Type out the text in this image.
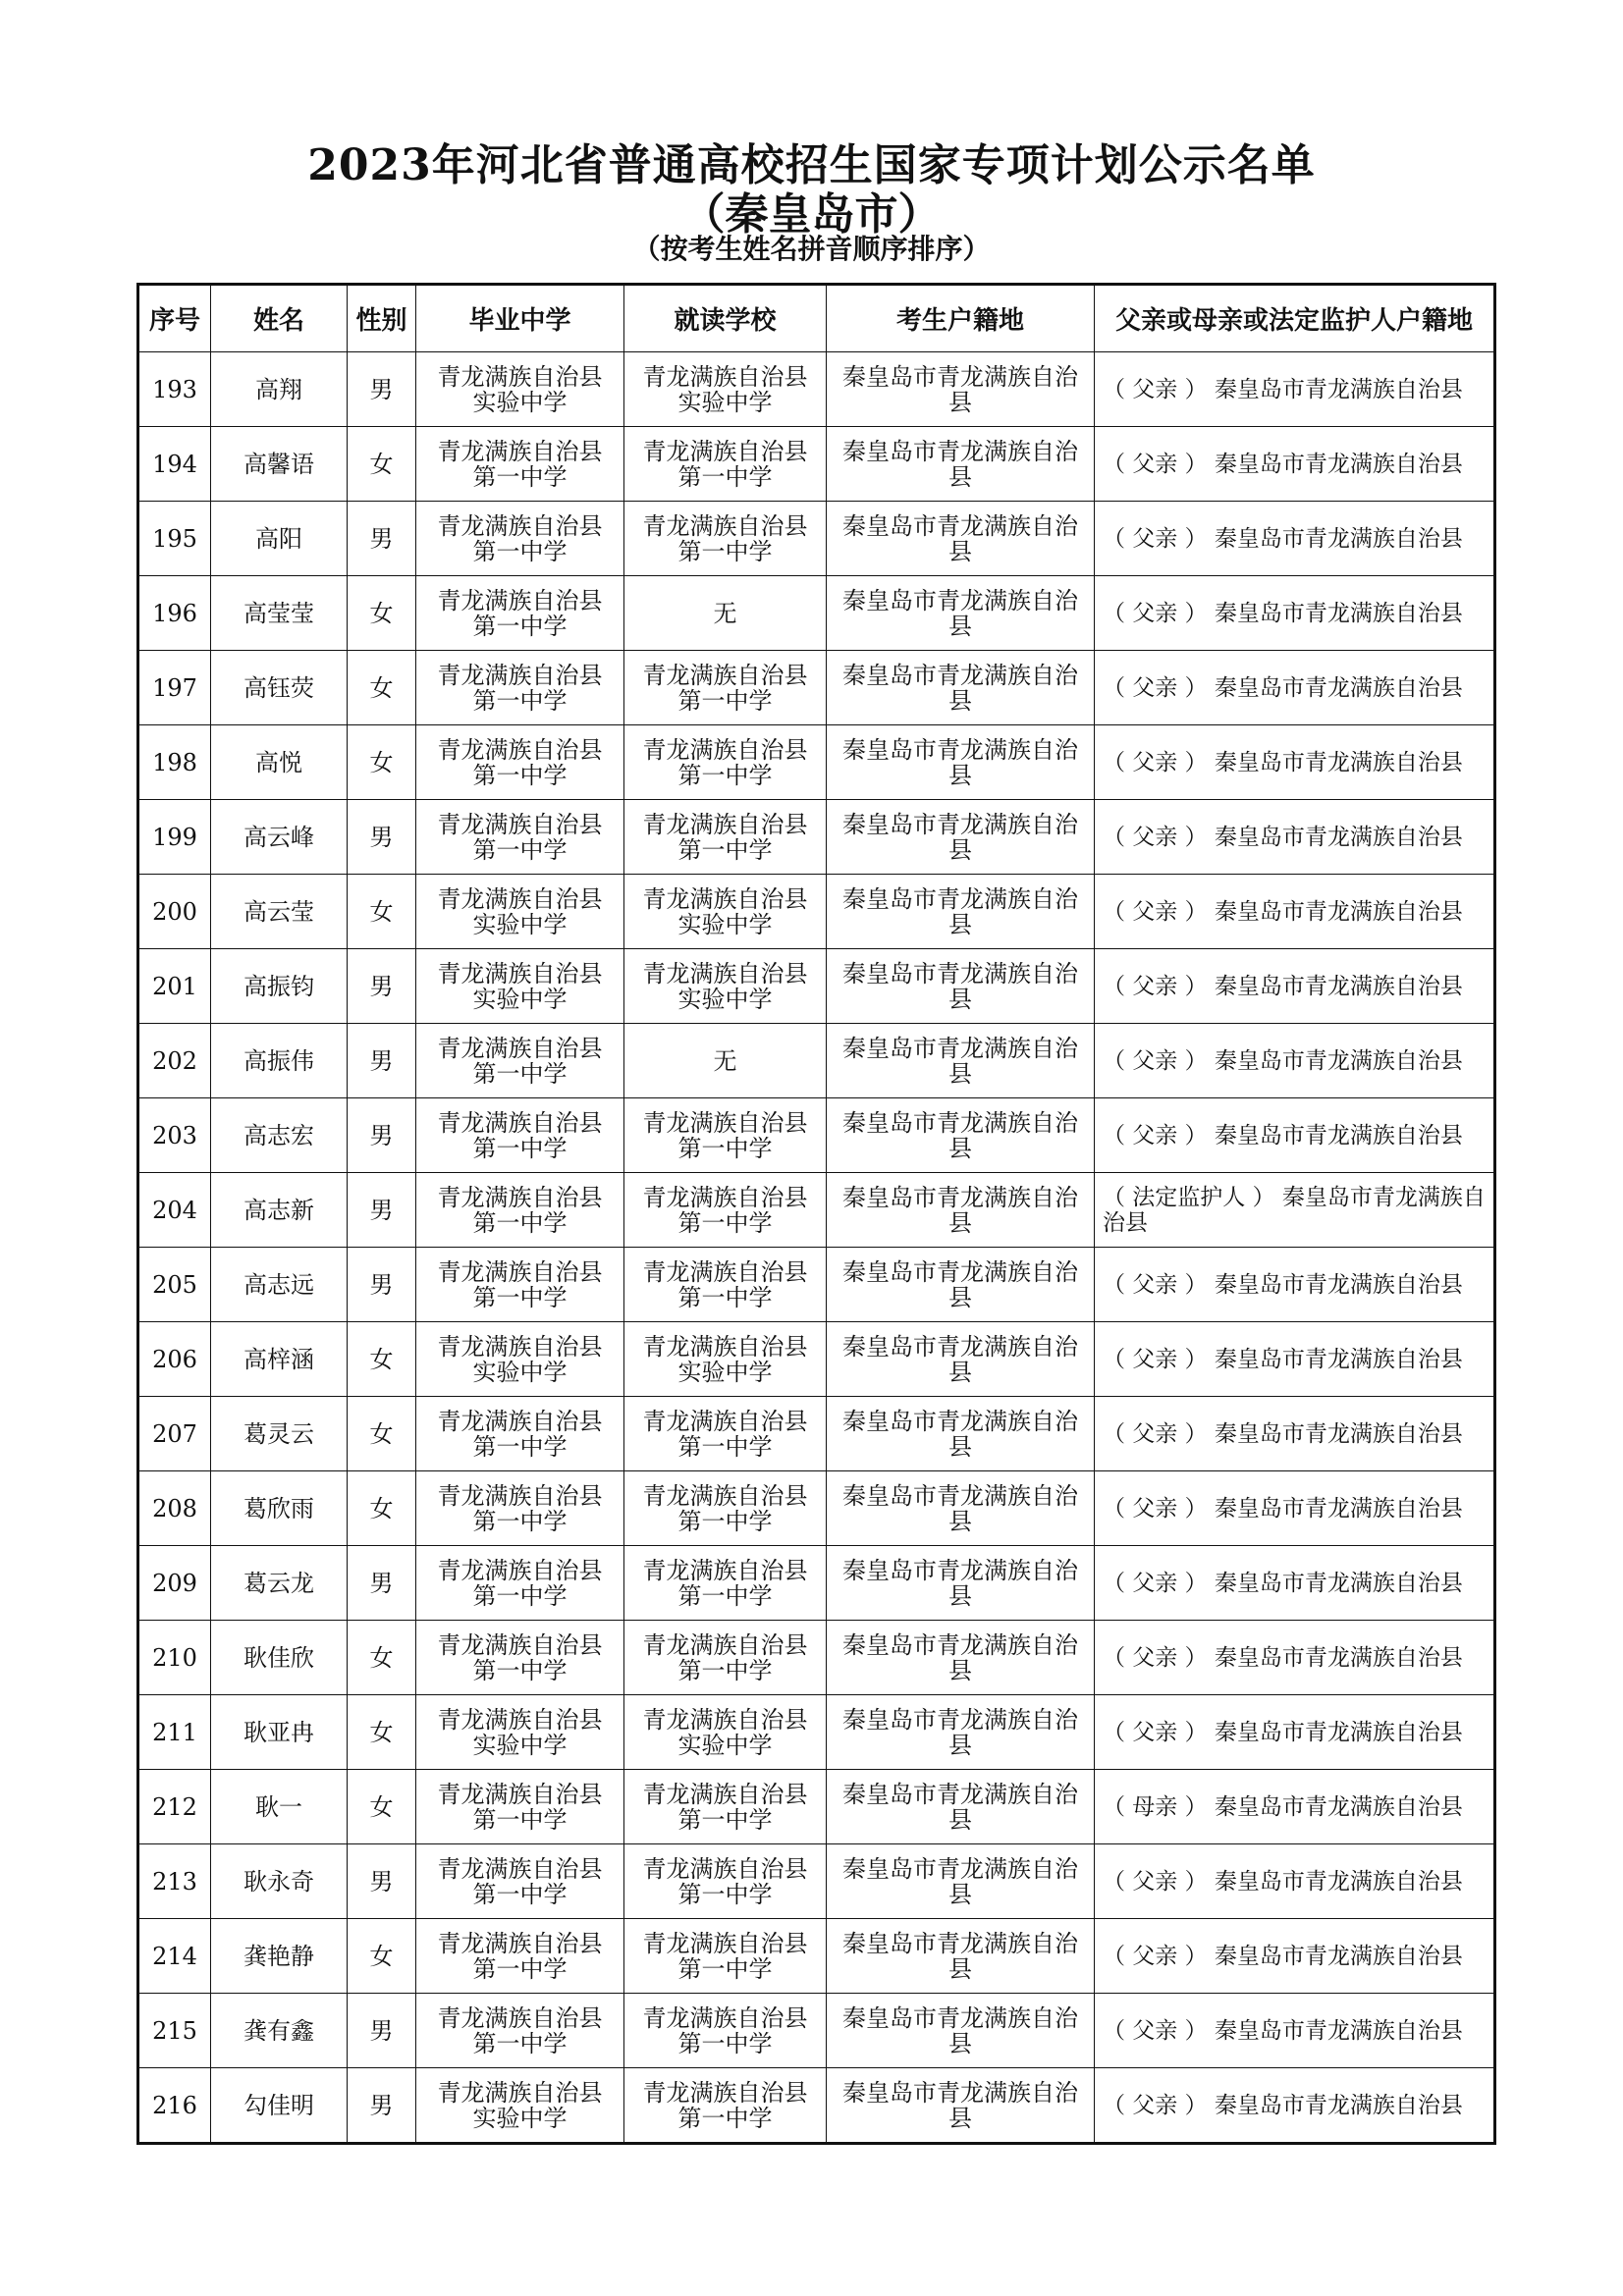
2023年河北省普通高校招生国家专项计划公示名单
（秦皇岛市）
（按考生姓名拼音顺序排序）
序号	姓名	性别	毕业中学	就读学校	考生户籍地	父亲或母亲或法定监护人户籍地
193	高翔	男	青龙满族自治县实验中学	青龙满族自治县实验中学	秦皇岛市青龙满族自治县	（ 父亲 ） 秦皇岛市青龙满族自治县
194	高馨语	女	青龙满族自治县第一中学	青龙满族自治县第一中学	秦皇岛市青龙满族自治县	（ 父亲 ） 秦皇岛市青龙满族自治县
195	高阳	男	青龙满族自治县第一中学	青龙满族自治县第一中学	秦皇岛市青龙满族自治县	（ 父亲 ） 秦皇岛市青龙满族自治县
196	高莹莹	女	青龙满族自治县第一中学	无	秦皇岛市青龙满族自治县	（ 父亲 ） 秦皇岛市青龙满族自治县
197	高钰荧	女	青龙满族自治县第一中学	青龙满族自治县第一中学	秦皇岛市青龙满族自治县	（ 父亲 ） 秦皇岛市青龙满族自治县
198	高悦	女	青龙满族自治县第一中学	青龙满族自治县第一中学	秦皇岛市青龙满族自治县	（ 父亲 ） 秦皇岛市青龙满族自治县
199	高云峰	男	青龙满族自治县第一中学	青龙满族自治县第一中学	秦皇岛市青龙满族自治县	（ 父亲 ） 秦皇岛市青龙满族自治县
200	高云莹	女	青龙满族自治县实验中学	青龙满族自治县实验中学	秦皇岛市青龙满族自治县	（ 父亲 ） 秦皇岛市青龙满族自治县
201	高振钧	男	青龙满族自治县实验中学	青龙满族自治县实验中学	秦皇岛市青龙满族自治县	（ 父亲 ） 秦皇岛市青龙满族自治县
202	高振伟	男	青龙满族自治县第一中学	无	秦皇岛市青龙满族自治县	（ 父亲 ） 秦皇岛市青龙满族自治县
203	高志宏	男	青龙满族自治县第一中学	青龙满族自治县第一中学	秦皇岛市青龙满族自治县	（ 父亲 ） 秦皇岛市青龙满族自治县
204	高志新	男	青龙满族自治县第一中学	青龙满族自治县第一中学	秦皇岛市青龙满族自治县	（ 法定监护人 ） 秦皇岛市青龙满族自治县
205	高志远	男	青龙满族自治县第一中学	青龙满族自治县第一中学	秦皇岛市青龙满族自治县	（ 父亲 ） 秦皇岛市青龙满族自治县
206	高梓涵	女	青龙满族自治县实验中学	青龙满族自治县实验中学	秦皇岛市青龙满族自治县	（ 父亲 ） 秦皇岛市青龙满族自治县
207	葛灵云	女	青龙满族自治县第一中学	青龙满族自治县第一中学	秦皇岛市青龙满族自治县	（ 父亲 ） 秦皇岛市青龙满族自治县
208	葛欣雨	女	青龙满族自治县第一中学	青龙满族自治县第一中学	秦皇岛市青龙满族自治县	（ 父亲 ） 秦皇岛市青龙满族自治县
209	葛云龙	男	青龙满族自治县第一中学	青龙满族自治县第一中学	秦皇岛市青龙满族自治县	（ 父亲 ） 秦皇岛市青龙满族自治县
210	耿佳欣	女	青龙满族自治县第一中学	青龙满族自治县第一中学	秦皇岛市青龙满族自治县	（ 父亲 ） 秦皇岛市青龙满族自治县
211	耿亚冉	女	青龙满族自治县实验中学	青龙满族自治县实验中学	秦皇岛市青龙满族自治县	（ 父亲 ） 秦皇岛市青龙满族自治县
212	耿一	女	青龙满族自治县第一中学	青龙满族自治县第一中学	秦皇岛市青龙满族自治县	（ 母亲 ） 秦皇岛市青龙满族自治县
213	耿永奇	男	青龙满族自治县第一中学	青龙满族自治县第一中学	秦皇岛市青龙满族自治县	（ 父亲 ） 秦皇岛市青龙满族自治县
214	龚艳静	女	青龙满族自治县第一中学	青龙满族自治县第一中学	秦皇岛市青龙满族自治县	（ 父亲 ） 秦皇岛市青龙满族自治县
215	龚有鑫	男	青龙满族自治县第一中学	青龙满族自治县第一中学	秦皇岛市青龙满族自治县	（ 父亲 ） 秦皇岛市青龙满族自治县
216	勾佳明	男	青龙满族自治县实验中学	青龙满族自治县第一中学	秦皇岛市青龙满族自治县	（ 父亲 ） 秦皇岛市青龙满族自治县
